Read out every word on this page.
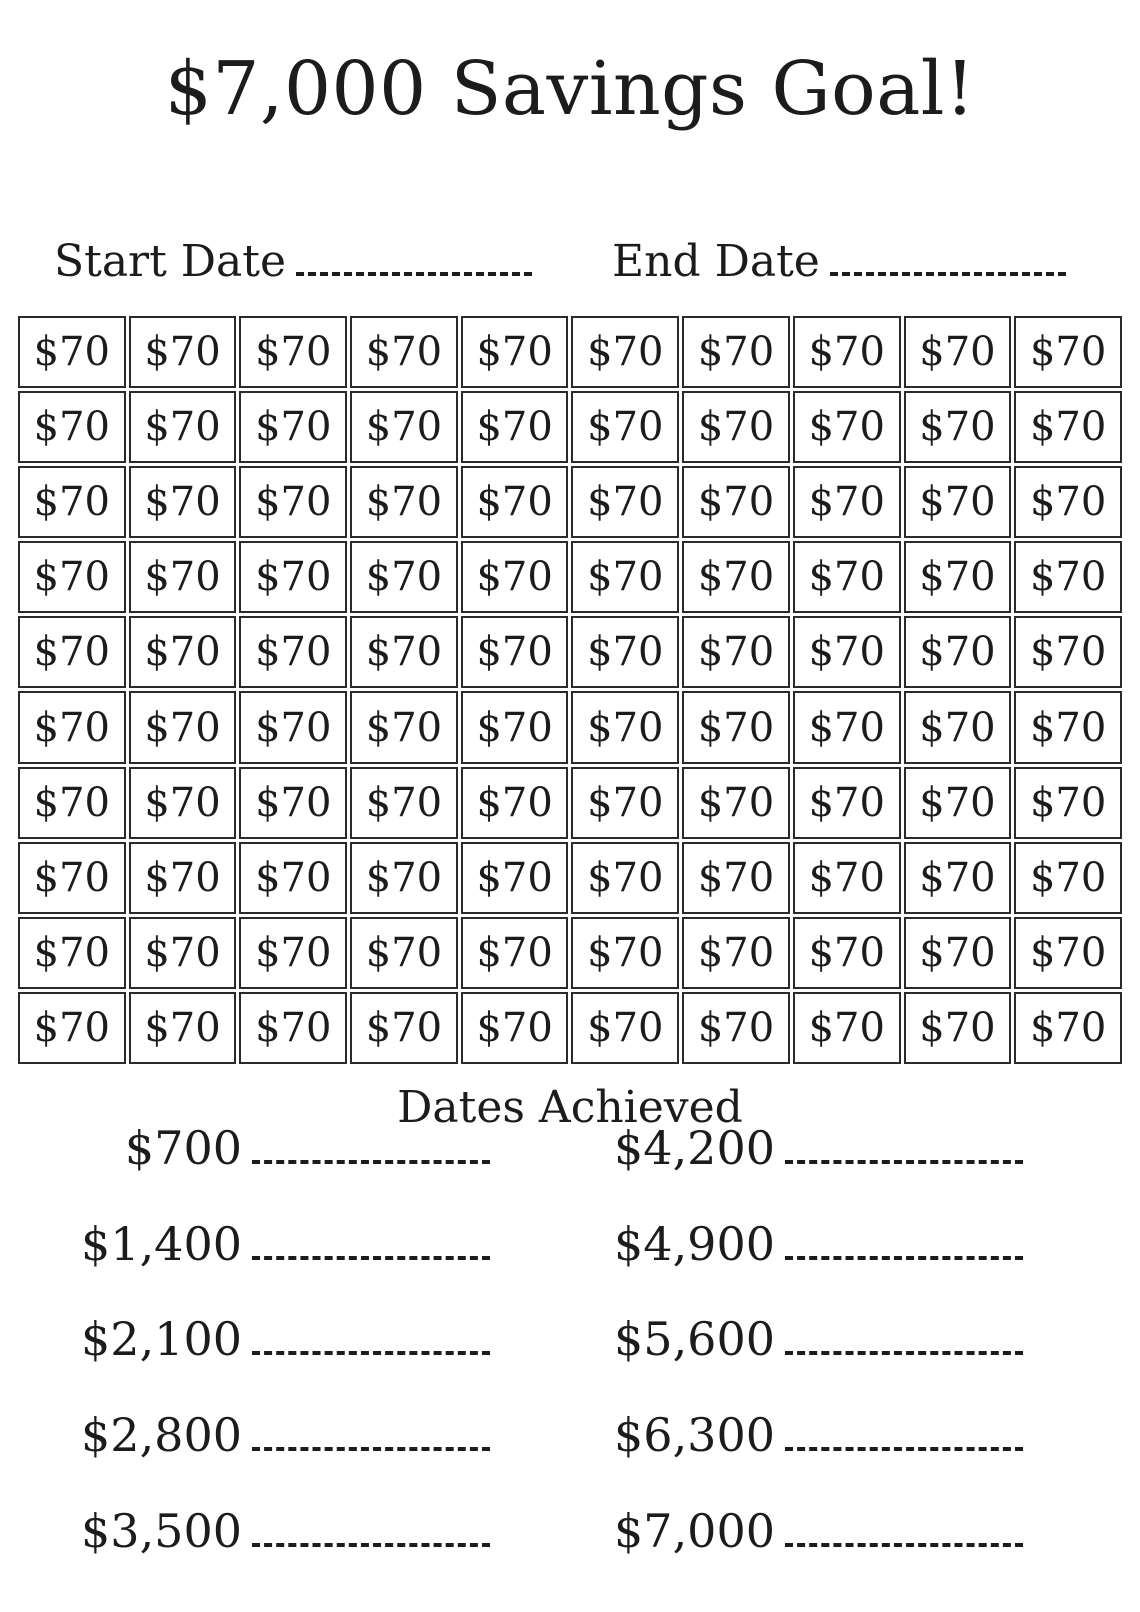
$7,000 Savings Goal!
Start Date	End Date
$70 $70 $70 $70 $70 $70 $70 $70 $70 $70
$70 $70 $70 $70 $70 $70 $70 $70 $70 $70
$70 $70 $70 $70 $70 $70 $70 $70 $70 $70
$70 $70 $70 $70 $70 $70 $70 $70 $70 $70
$70 $70 $70 $70 $70 $70 $70 $70 $70 $70
$70 $70 $70 $70 $70 $70 $70 $70 $70 $70
$70 $70 $70 $70 $70 $70 $70 $70 $70 $70
$70 $70 $70 $70 $70 $70 $70 $70 $70 $70
$70 $70 $70 $70 $70 $70 $70 $70 $70 $70
$70 $70 $70 $70 $70 $70 $70 $70 $70 $70
Dates Achieved
$700
$1,400
$2,100
$2,800
$3,500
$4,200
$4,900
$5,600
$6,300
$7,000
